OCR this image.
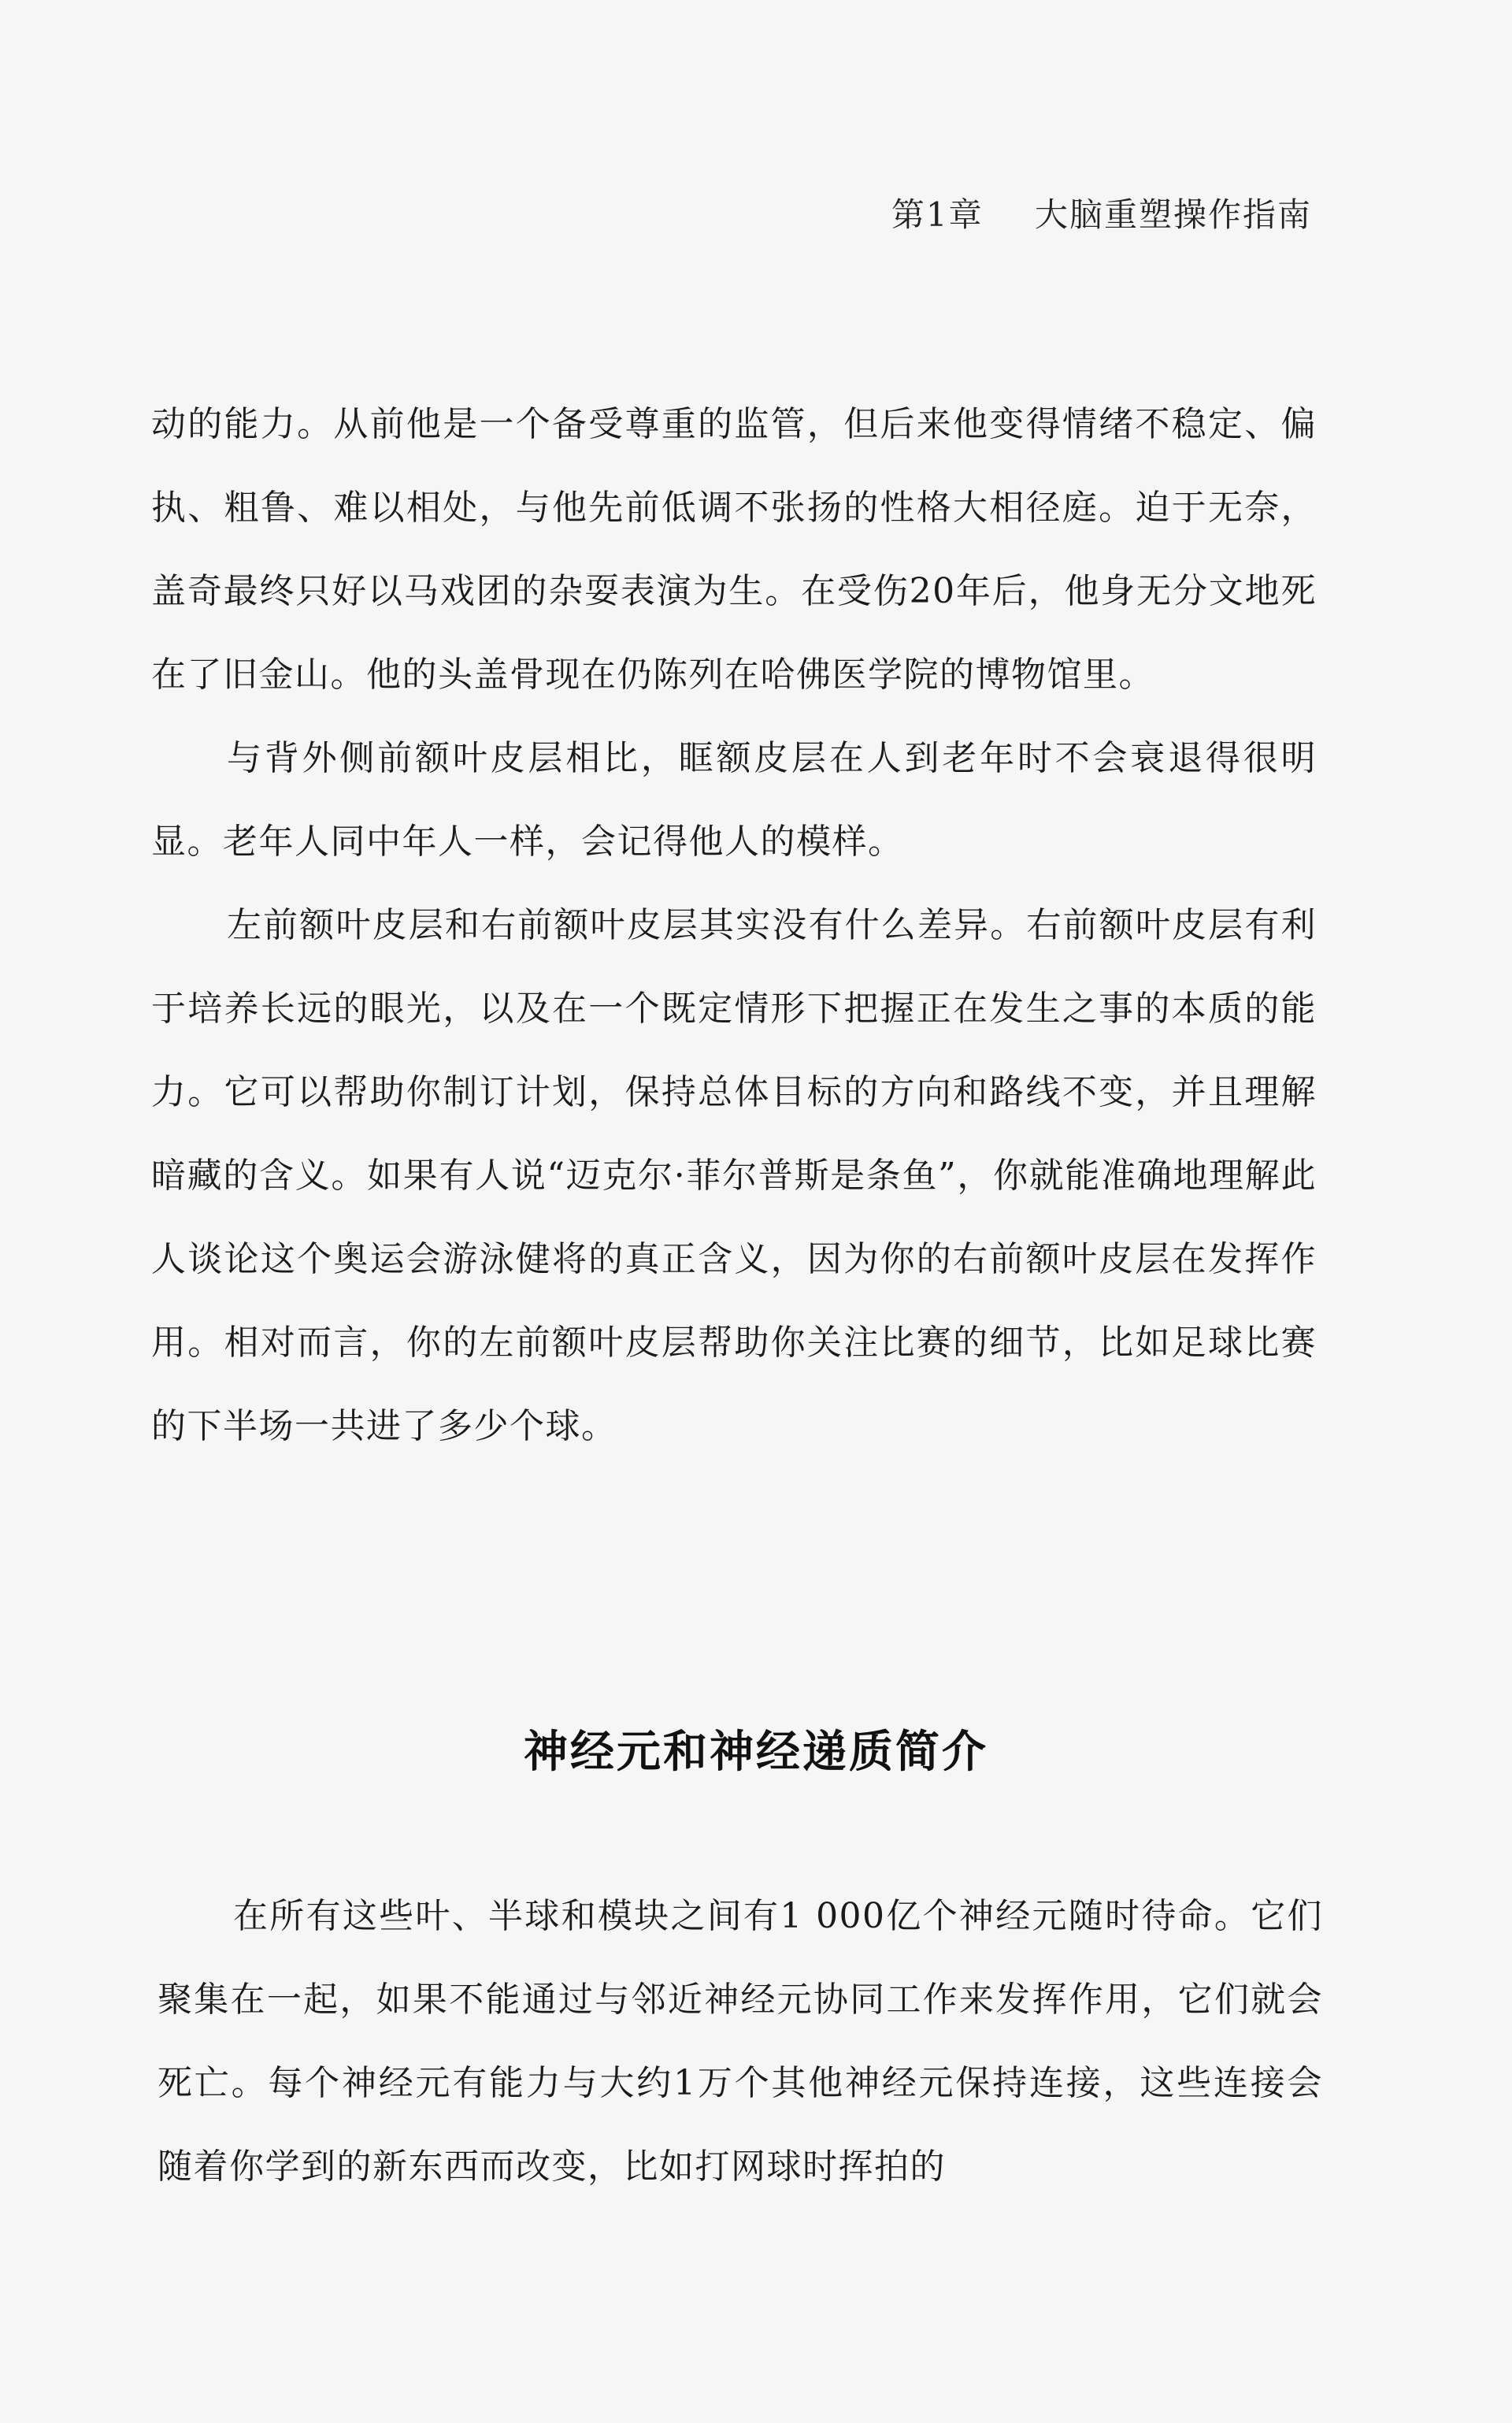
第1章 大脑重塑操作指南

动的能力。从前他是一个备受尊重的监管，但后来他变得情绪不稳定、偏执、粗鲁、难以相处，与他先前低调不张扬的性格大相径庭。迫于无奈，盖奇最终只好以马戏团的杂耍表演为生。在受伤20年后，他身无分文地死在了旧金山。他的头盖骨现在仍陈列在哈佛医学院的博物馆里。

与背外侧前额叶皮层相比，眶额皮层在人到老年时不会衰退得很明显。老年人同中年人一样，会记得他人的模样。

左前额叶皮层和右前额叶皮层其实没有什么差异。右前额叶皮层有利于培养长远的眼光，以及在一个既定情形下把握正在发生之事的本质的能力。它可以帮助你制订计划，保持总体目标的方向和路线不变，并且理解暗藏的含义。如果有人说“迈克尔·菲尔普斯是条鱼”，你就能准确地理解此人谈论这个奥运会游泳健将的真正含义，因为你的右前额叶皮层在发挥作用。相对而言，你的左前额叶皮层帮助你关注比赛的细节，比如足球比赛的下半场一共进了多少个球。

神经元和神经递质简介

在所有这些叶、半球和模块之间有1 000亿个神经元随时待命。它们聚集在一起，如果不能通过与邻近神经元协同工作来发挥作用，它们就会死亡。每个神经元有能力与大约1万个其他神经元保持连接，这些连接会随着你学到的新东西而改变，比如打网球时挥拍的
